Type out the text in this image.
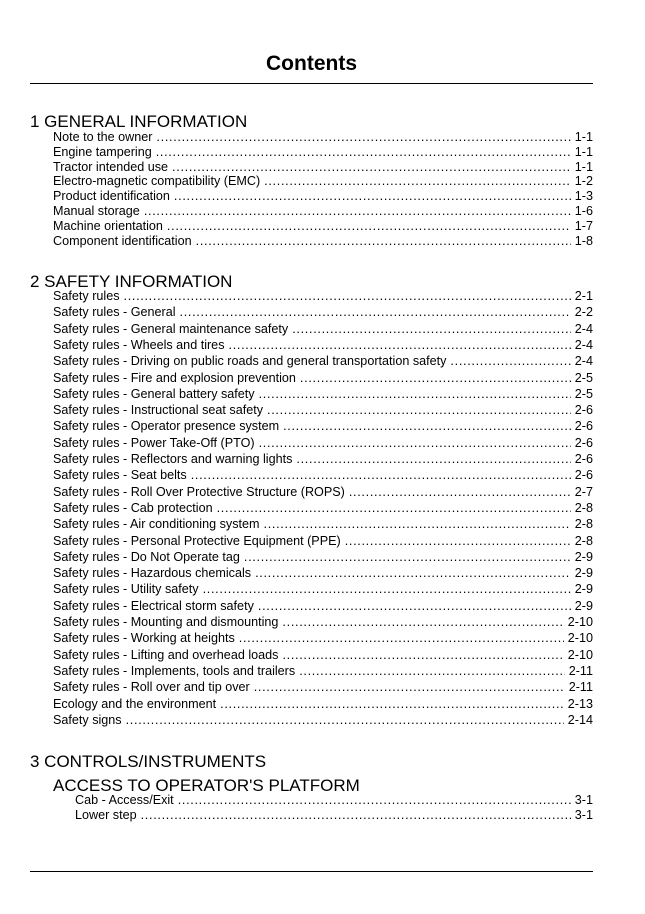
Contents
1 GENERAL INFORMATION
Note to the owner . . .	1-1
Engine tampering . . .	1-1
Tractor intended use . . .	1-1
Electro-magnetic compatibility (EMC) . . .	1-2
Product identification . . .	1-3
Manual storage . . .	1-6
Machine orientation . . .	1-7
Component identification . . .	1-8
2 SAFETY INFORMATION
Safety rules . . .	2-1
Safety rules - General . . .	2-2
Safety rules - General maintenance safety . . .	2-4
Safety rules - Wheels and tires . . .	2-4
Safety rules - Driving on public roads and general transportation safety . . .	2-4
Safety rules - Fire and explosion prevention . . .	2-5
Safety rules - General battery safety . . .	2-5
Safety rules - Instructional seat safety . . .	2-6
Safety rules - Operator presence system . . .	2-6
Safety rules - Power Take-Off (PTO) . . .	2-6
Safety rules - Reflectors and warning lights . . .	2-6
Safety rules - Seat belts . . .	2-6
Safety rules - Roll Over Protective Structure (ROPS) . . .	2-7
Safety rules - Cab protection . . .	2-8
Safety rules - Air conditioning system . . .	2-8
Safety rules - Personal Protective Equipment (PPE) . . .	2-8
Safety rules - Do Not Operate tag . . .	2-9
Safety rules - Hazardous chemicals . . .	2-9
Safety rules - Utility safety . . .	2-9
Safety rules - Electrical storm safety . . .	2-9
Safety rules - Mounting and dismounting . . .	2-10
Safety rules - Working at heights . . .	2-10
Safety rules - Lifting and overhead loads . . .	2-10
Safety rules - Implements, tools and trailers . . .	2-11
Safety rules - Roll over and tip over . . .	2-11
Ecology and the environment . . .	2-13
Safety signs . . .	2-14
3 CONTROLS/INSTRUMENTS
ACCESS TO OPERATOR'S PLATFORM
Cab - Access/Exit . . .	3-1
Lower step . . .	3-1
